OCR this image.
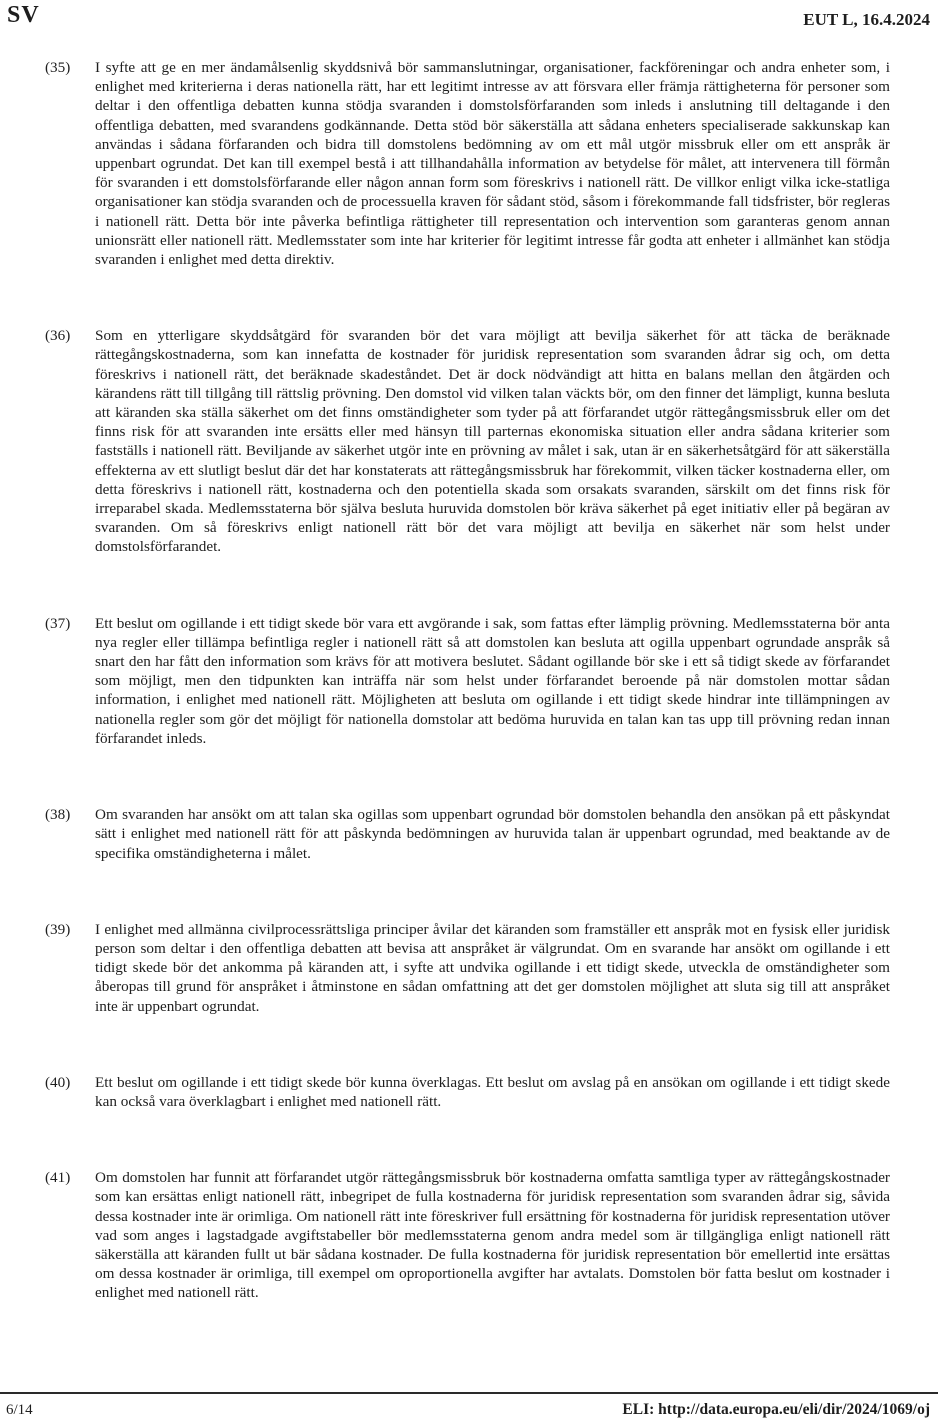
SV	EUT L, 16.4.2024
(35)	I syfte att ge en mer ändamålsenlig skyddsnivå bör sammanslutningar, organisationer, fackföreningar och andra enheter som, i enlighet med kriterierna i deras nationella rätt, har ett legitimt intresse av att försvara eller främja rättigheterna för personer som deltar i den offentliga debatten kunna stödja svaranden i domstolsförfaranden som inleds i anslutning till deltagande i den offentliga debatten, med svarandens godkännande. Detta stöd bör säkerställa att sådana enheters specialiserade sakkunskap kan användas i sådana förfaranden och bidra till domstolens bedömning av om ett mål utgör missbruk eller om ett anspråk är uppenbart ogrundat. Det kan till exempel bestå i att tillhandahålla information av betydelse för målet, att intervenera till förmån för svaranden i ett domstolsförfarande eller någon annan form som föreskrivs i nationell rätt. De villkor enligt vilka icke-statliga organisationer kan stödja svaranden och de processuella kraven för sådant stöd, såsom i förekommande fall tidsfrister, bör regleras i nationell rätt. Detta bör inte påverka befintliga rättigheter till representation och intervention som garanteras genom annan unionsrätt eller nationell rätt. Medlemsstater som inte har kriterier för legitimt intresse får godta att enheter i allmänhet kan stödja svaranden i enlighet med detta direktiv.
(36)	Som en ytterligare skyddsåtgärd för svaranden bör det vara möjligt att bevilja säkerhet för att täcka de beräknade rättegångskostnaderna, som kan innefatta de kostnader för juridisk representation som svaranden ådrar sig och, om detta föreskrivs i nationell rätt, det beräknade skadeståndet. Det är dock nödvändigt att hitta en balans mellan den åtgärden och kärandens rätt till tillgång till rättslig prövning. Den domstol vid vilken talan väckts bör, om den finner det lämpligt, kunna besluta att käranden ska ställa säkerhet om det finns omständigheter som tyder på att förfarandet utgör rättegångsmissbruk eller om det finns risk för att svaranden inte ersätts eller med hänsyn till parternas ekonomiska situation eller andra sådana kriterier som fastställs i nationell rätt. Beviljande av säkerhet utgör inte en prövning av målet i sak, utan är en säkerhetsåtgärd för att säkerställa effekterna av ett slutligt beslut där det har konstaterats att rättegångsmissbruk har förekommit, vilken täcker kostnaderna eller, om detta föreskrivs i nationell rätt, kostnaderna och den potentiella skada som orsakats svaranden, särskilt om det finns risk för irreparabel skada. Medlemsstaterna bör själva besluta huruvida domstolen bör kräva säkerhet på eget initiativ eller på begäran av svaranden. Om så föreskrivs enligt nationell rätt bör det vara möjligt att bevilja en säkerhet när som helst under domstolsförfarandet.
(37)	Ett beslut om ogillande i ett tidigt skede bör vara ett avgörande i sak, som fattas efter lämplig prövning. Medlemsstaterna bör anta nya regler eller tillämpa befintliga regler i nationell rätt så att domstolen kan besluta att ogilla uppenbart ogrundade anspråk så snart den har fått den information som krävs för att motivera beslutet. Sådant ogillande bör ske i ett så tidigt skede av förfarandet som möjligt, men den tidpunkten kan inträffa när som helst under förfarandet beroende på när domstolen mottar sådan information, i enlighet med nationell rätt. Möjligheten att besluta om ogillande i ett tidigt skede hindrar inte tillämpningen av nationella regler som gör det möjligt för nationella domstolar att bedöma huruvida en talan kan tas upp till prövning redan innan förfarandet inleds.
(38)	Om svaranden har ansökt om att talan ska ogillas som uppenbart ogrundad bör domstolen behandla den ansökan på ett påskyndat sätt i enlighet med nationell rätt för att påskynda bedömningen av huruvida talan är uppenbart ogrundad, med beaktande av de specifika omständigheterna i målet.
(39)	I enlighet med allmänna civilprocessrättsliga principer åvilar det käranden som framställer ett anspråk mot en fysisk eller juridisk person som deltar i den offentliga debatten att bevisa att anspråket är välgrundat. Om en svarande har ansökt om ogillande i ett tidigt skede bör det ankomma på käranden att, i syfte att undvika ogillande i ett tidigt skede, utveckla de omständigheter som åberopas till grund för anspråket i åtminstone en sådan omfattning att det ger domstolen möjlighet att sluta sig till att anspråket inte är uppenbart ogrundat.
(40)	Ett beslut om ogillande i ett tidigt skede bör kunna överklagas. Ett beslut om avslag på en ansökan om ogillande i ett tidigt skede kan också vara överklagbart i enlighet med nationell rätt.
(41)	Om domstolen har funnit att förfarandet utgör rättegångsmissbruk bör kostnaderna omfatta samtliga typer av rättegångskostnader som kan ersättas enligt nationell rätt, inbegripet de fulla kostnaderna för juridisk representation som svaranden ådrar sig, såvida dessa kostnader inte är orimliga. Om nationell rätt inte föreskriver full ersättning för kostnaderna för juridisk representation utöver vad som anges i lagstadgade avgiftstabeller bör medlemsstaterna genom andra medel som är tillgängliga enligt nationell rätt säkerställa att käranden fullt ut bär sådana kostnader. De fulla kostnaderna för juridisk representation bör emellertid inte ersättas om dessa kostnader är orimliga, till exempel om oproportionella avgifter har avtalats. Domstolen bör fatta beslut om kostnader i enlighet med nationell rätt.
6/14	ELI: http://data.europa.eu/eli/dir/2024/1069/oj
